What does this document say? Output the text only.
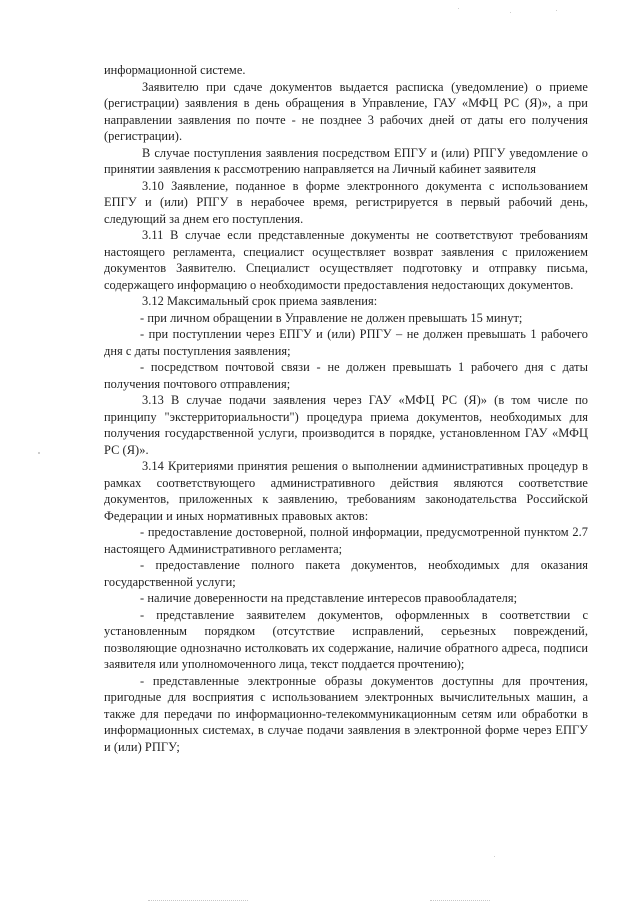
информационной системе.

Заявителю при сдаче документов выдается расписка (уведомление) о приеме (регистрации) заявления в день обращения в Управление, ГАУ «МФЦ РС (Я)», а при направлении заявления по почте - не позднее 3 рабочих дней от даты его получения (регистрации).

В случае поступления заявления посредством ЕПГУ и (или) РПГУ уведомление о принятии заявления к рассмотрению направляется на Личный кабинет заявителя

3.10 Заявление, поданное в форме электронного документа с использованием ЕПГУ и (или) РПГУ в нерабочее время, регистрируется в первый рабочий день, следующий за днем его поступления.

3.11 В случае если представленные документы не соответствуют требованиям настоящего регламента, специалист осуществляет возврат заявления с приложением документов Заявителю. Специалист осуществляет подготовку и отправку письма, содержащего информацию о необходимости предоставления недостающих документов.

3.12 Максимальный срок приема заявления:

- при личном обращении в Управление не должен превышать 15 минут;

- при поступлении через ЕПГУ и (или) РПГУ – не должен превышать 1 рабочего дня с даты поступления заявления;

- посредством почтовой связи - не должен превышать 1 рабочего дня с даты получения почтового отправления;

3.13 В случае подачи заявления через ГАУ «МФЦ РС (Я)» (в том числе по принципу "экстерриториальности") процедура приема документов, необходимых для получения государственной услуги, производится в порядке, установленном ГАУ «МФЦ РС (Я)».

3.14 Критериями принятия решения о выполнении административных процедур в рамках соответствующего административного действия являются соответствие документов, приложенных к заявлению, требованиям законодательства Российской Федерации и иных нормативных правовых актов:

- предоставление достоверной, полной информации, предусмотренной пунктом 2.7 настоящего Административного регламента;

- предоставление полного пакета документов, необходимых для оказания государственной услуги;

- наличие доверенности на представление интересов правообладателя;

- представление заявителем документов, оформленных в соответствии с установленным порядком (отсутствие исправлений, серьезных повреждений, позволяющие однозначно истолковать их содержание, наличие обратного адреса, подписи заявителя или уполномоченного лица, текст поддается прочтению);

- представленные электронные образы документов доступны для прочтения, пригодные для восприятия с использованием электронных вычислительных машин, а также для передачи по информационно-телекоммуникационным сетям или обработки в информационных системах, в случае подачи заявления в электронной форме через ЕПГУ и (или) РПГУ;
